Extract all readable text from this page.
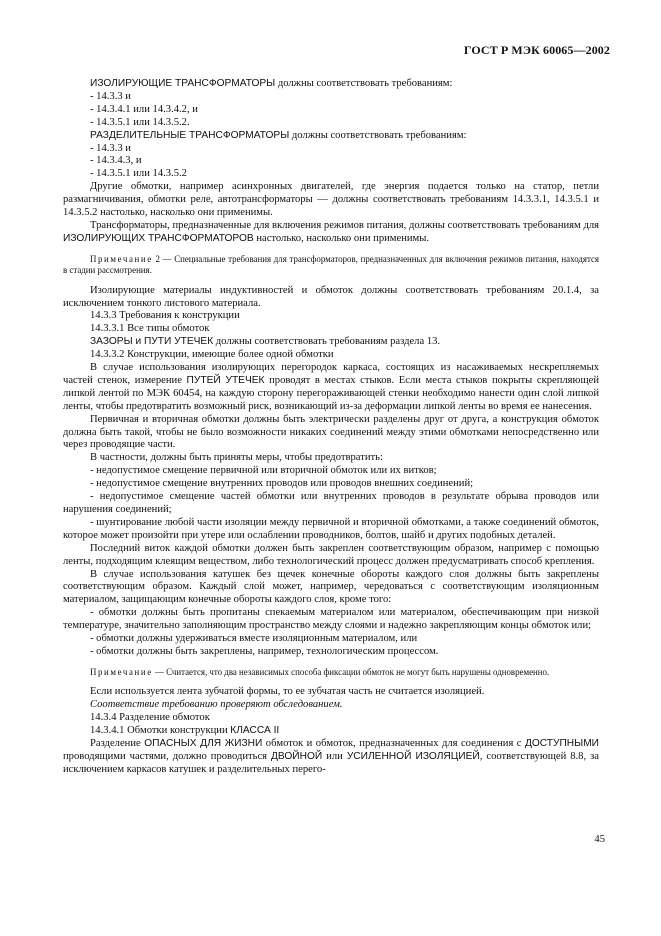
ГОСТ Р МЭК 60065—2002

ИЗОЛИРУЮЩИЕ ТРАНСФОРМАТОРЫ должны соответствовать требованиям:

- 14.3.3 и

- 14.3.4.1 или 14.3.4.2, и

- 14.3.5.1 или 14.3.5.2.

РАЗДЕЛИТЕЛЬНЫЕ ТРАНСФОРМАТОРЫ должны соответствовать требованиям:

- 14.3.3 и

- 14.3.4.3, и

- 14.3.5.1 или 14.3.5.2

Другие обмотки, например асинхронных двигателей, где энергия подается только на статор, петли размагничивания, обмотки реле, автотрансформаторы — должны соответствовать требованиям 14.3.3.1, 14.3.5.1 и 14.3.5.2 настолько, насколько они применимы.

Трансформаторы, предназначенные для включения режимов питания, должны соответствовать требованиям для ИЗОЛИРУЮЩИХ ТРАНСФОРМАТОРОВ настолько, насколько они применимы.

Примечание 2 — Специальные требования для трансформаторов, предназначенных для включения режимов питания, находятся в стадии рассмотрения.

Изолирующие материалы индуктивностей и обмоток должны соответствовать требованиям 20.1.4, за исключением тонкого листового материала.

14.3.3 Требования к конструкции

14.3.3.1 Все типы обмоток

ЗАЗОРЫ и ПУТИ УТЕЧЕК должны соответствовать требованиям раздела 13.

14.3.3.2 Конструкции, имеющие более одной обмотки

В случае использования изолирующих перегородок каркаса, состоящих из насаживаемых нескрепляемых частей стенок, измерение ПУТЕЙ УТЕЧЕК проводят в местах стыков. Если места стыков покрыты скрепляющей липкой лентой по МЭК 60454, на каждую сторону перегораживающей стенки необходимо нанести один слой липкой ленты, чтобы предотвратить возможный риск, возникающий из-за деформации липкой ленты во время ее нанесения.

Первичная и вторичная обмотки должны быть электрически разделены друг от друга, а конструкция обмоток должна быть такой, чтобы не было возможности никаких соединений между этими обмотками непосредственно или через проводящие части.

В частности, должны быть приняты меры, чтобы предотвратить:

- недопустимое смещение первичной или вторичной обмоток или их витков;

- недопустимое смещение внутренних проводов или проводов внешних соединений;

- недопустимое смещение частей обмотки или внутренних проводов в результате обрыва проводов или нарушения соединений;

- шунтирование любой части изоляции между первичной и вторичной обмотками, а также соединений обмоток, которое может произойти при утере или ослаблении проводников, болтов, шайб и других подобных деталей.

Последний виток каждой обмотки должен быть закреплен соответствующим образом, например с помощью ленты, подходящим клеящим веществом, либо технологический процесс должен предусматривать способ крепления.

В случае использования катушек без щечек конечные обороты каждого слоя должны быть закреплены соответствующим образом. Каждый слой может, например, чередоваться с соответствующим изоляционным материалом, защищающим конечные обороты каждого слоя, кроме того:

- обмотки должны быть пропитаны спекаемым материалом или материалом, обеспечивающим при низкой температуре, значительно заполняющим пространство между слоями и надежно закрепляющим концы обмоток или;

- обмотки должны удерживаться вместе изоляционным материалом, или

- обмотки должны быть закреплены, например, технологическим процессом.

Примечание — Считается, что два независимых способа фиксации обмоток не могут быть нарушены одновременно.

Если используется лента зубчатой формы, то ее зубчатая часть не считается изоляцией.

Соответствие требованию проверяют обследованием.

14.3.4 Разделение обмоток

14.3.4.1 Обмотки конструкции КЛАССА II

Разделение ОПАСНЫХ ДЛЯ ЖИЗНИ обмоток и обмоток, предназначенных для соединения с ДОСТУПНЫМИ проводящими частями, должно проводиться ДВОЙНОЙ или УСИЛЕННОЙ ИЗОЛЯЦИЕЙ, соответствующей 8.8, за исключением каркасов катушек и разделительных перего-

45
